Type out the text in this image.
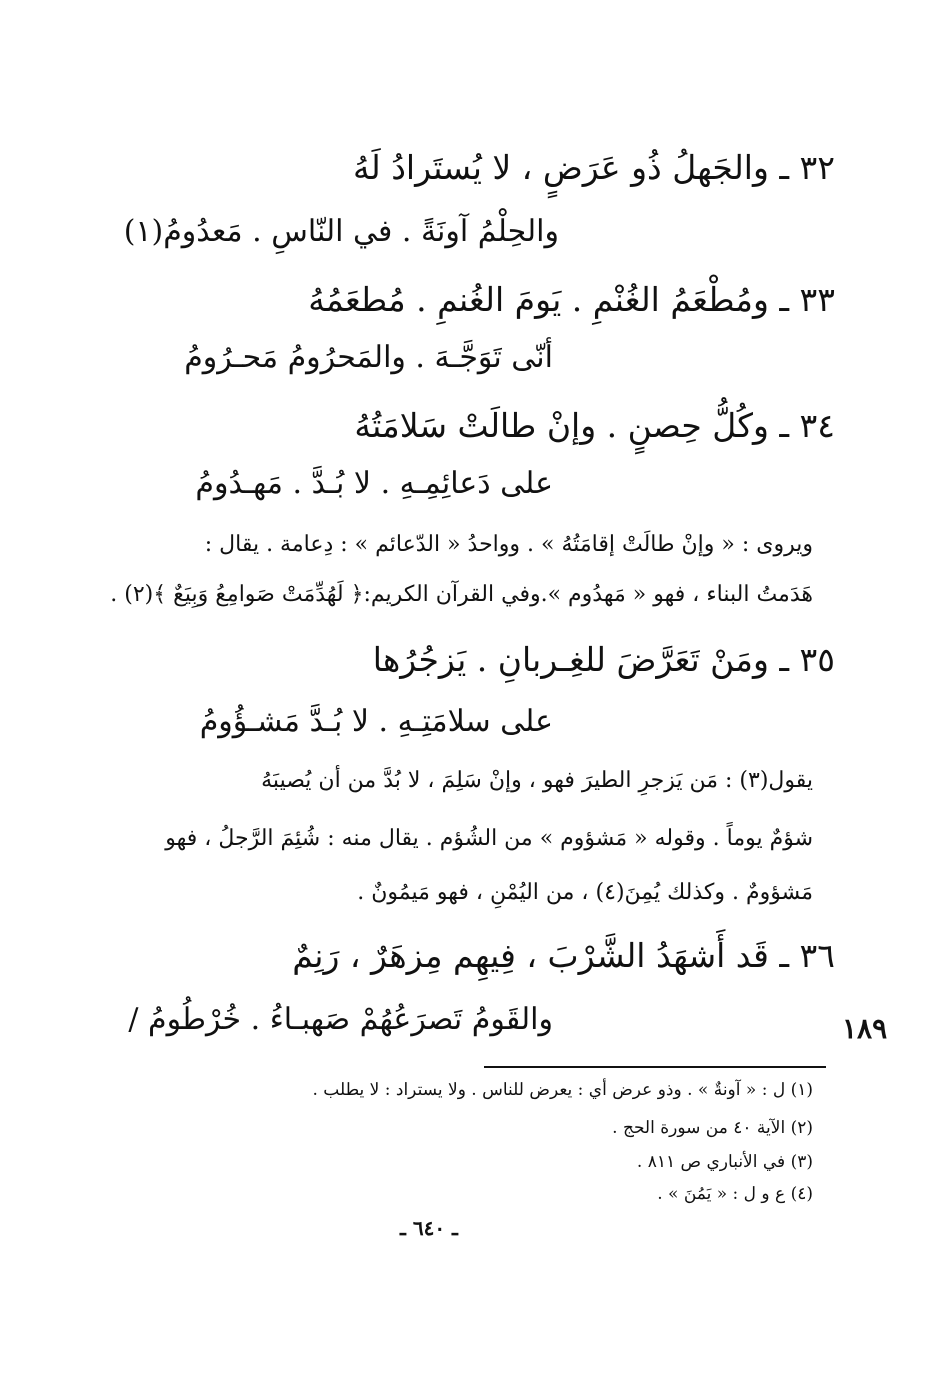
٣٢ ـ والجَهلُ ذُو عَرَضٍ ، لا يُستَرادُ لَهُ
والحِلْمُ آونَةً . في النّاسِ . مَعدُومُ(١)
٣٣ ـ ومُطْعَمُ الغُنْمِ . يَومَ الغُنمِ . مُطعَمُهُ
أنّى تَوَجَّـهَ . والمَحرُومُ مَحـرُومُ
٣٤ ـ وكُلُّ حِصنٍ . وإنْ طالَتْ سَلامَتُهُ
على دَعائِمِـهِ . لا بُـدَّ . مَهـدُومُ
ويروى : « وإنْ طالَتْ إقامَتُهُ » . وواحدُ « الدّعائم » : دِعامة . يقال :
هَدَمتُ البناء ، فهو « مَهدُوم ».وفي القرآن الكريم:﴿ لَهُدِّمَتْ صَوامِعُ وَبِيَعٌ ﴾(٢) .
٣٥ ـ ومَنْ تَعَرَّضَ للغِـربانِ . يَزجُرُها
على سلامَتِـهِ . لا بُـدَّ مَشـؤُومُ
يقول(٣) : مَن يَزجرِ الطيرَ فهو ، وإنْ سَلِمَ ، لا بُدَّ من أن يُصيبَهُ
شؤمٌ يوماً . وقوله « مَشؤوم » من الشُؤم . يقال منه : شُئِمَ الرَّجلُ ، فهو
مَشؤومٌ . وكذلك يُمِنَ(٤) ، من اليُمْنِ ، فهو مَيمُونٌ .
٣٦ ـ قَد أَشهَدُ الشَّرْبَ ، فِيهِم مِزهَرٌ ، رَنِمٌ
والقَومُ تَصرَعُهُمْ صَهبـاءُ . خُرْطُومُ /	١٨٩
(١) ل : « آونةٌ » . وذو عرض أي : يعرض للناس . ولا يستراد : لا يطلب .
(٢) الآية ٤٠ من سورة الحج .
(٣) في الأنباري ص ٨١١ .
(٤) ع و ل : « يَمُنَ » .
ـ ٦٤٠ ـ
